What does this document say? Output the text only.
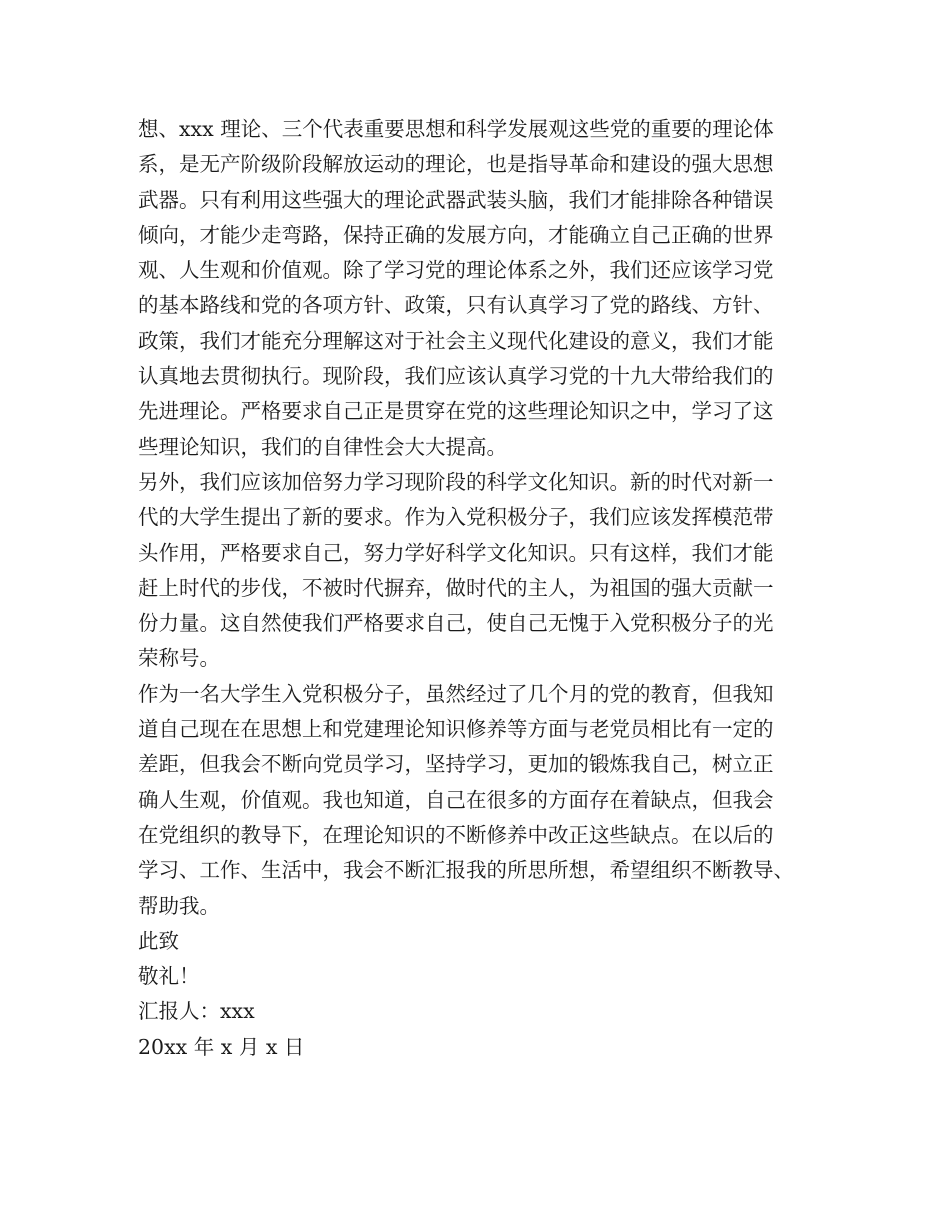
想、xxx 理论、三个代表重要思想和科学发展观这些党的重要的理论体
系，是无产阶级阶段解放运动的理论，也是指导革命和建设的强大思想
武器。只有利用这些强大的理论武器武装头脑，我们才能排除各种错误
倾向，才能少走弯路，保持正确的发展方向，才能确立自己正确的世界
观、人生观和价值观。除了学习党的理论体系之外，我们还应该学习党
的基本路线和党的各项方针、政策，只有认真学习了党的路线、方针、
政策，我们才能充分理解这对于社会主义现代化建设的意义，我们才能
认真地去贯彻执行。现阶段，我们应该认真学习党的十九大带给我们的
先进理论。严格要求自己正是贯穿在党的这些理论知识之中，学习了这
些理论知识，我们的自律性会大大提高。
另外，我们应该加倍努力学习现阶段的科学文化知识。新的时代对新一
代的大学生提出了新的要求。作为入党积极分子，我们应该发挥模范带
头作用，严格要求自己，努力学好科学文化知识。只有这样，我们才能
赶上时代的步伐，不被时代摒弃，做时代的主人，为祖国的强大贡献一
份力量。这自然使我们严格要求自己，使自己无愧于入党积极分子的光
荣称号。
作为一名大学生入党积极分子，虽然经过了几个月的党的教育，但我知
道自己现在在思想上和党建理论知识修养等方面与老党员相比有一定的
差距，但我会不断向党员学习，坚持学习，更加的锻炼我自己，树立正
确人生观，价值观。我也知道，自己在很多的方面存在着缺点，但我会
在党组织的教导下，在理论知识的不断修养中改正这些缺点。在以后的
学习、工作、生活中，我会不断汇报我的所思所想，希望组织不断教导、
帮助我。
此致
敬礼！
汇报人：xxx
20xx 年 x 月 x 日
